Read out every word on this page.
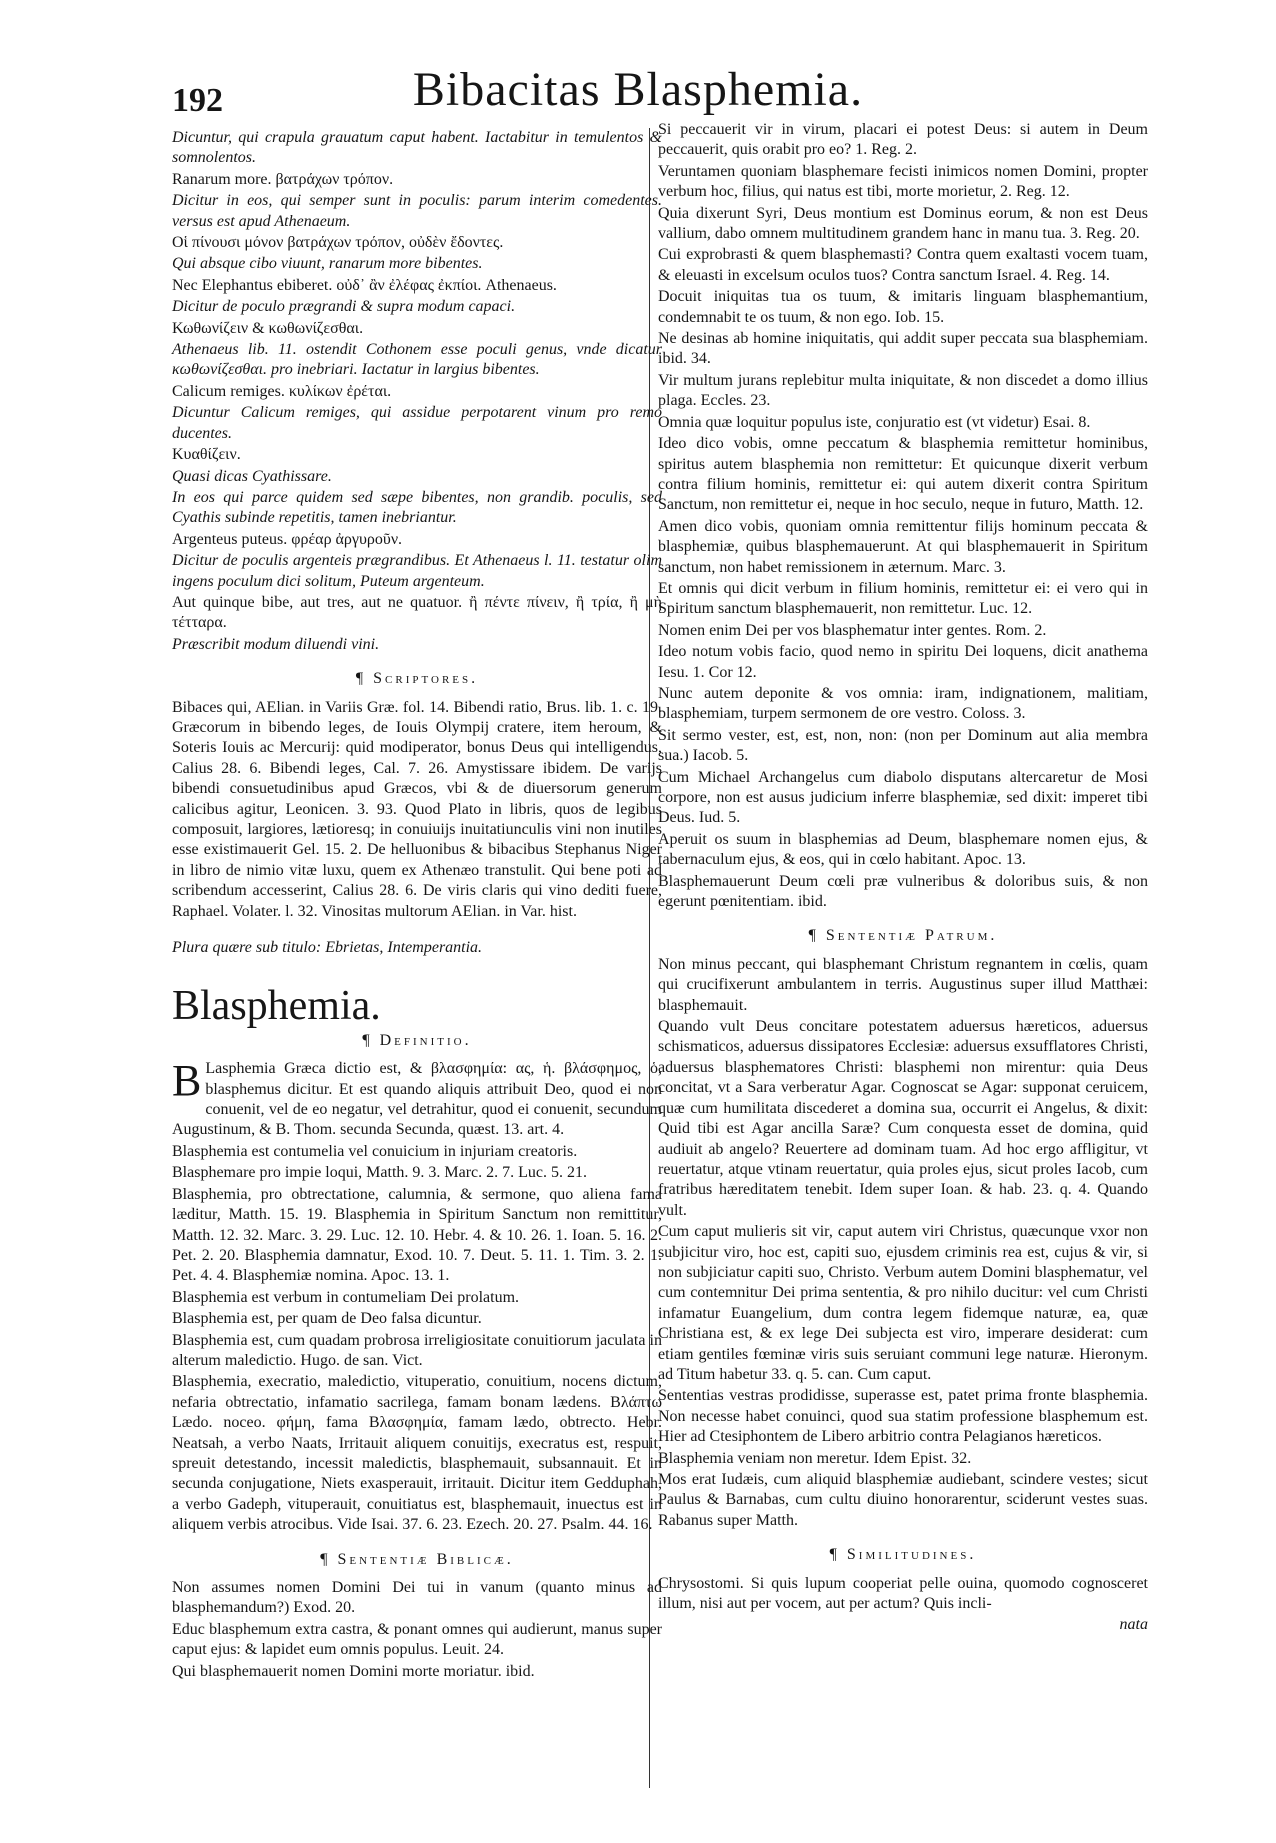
192	Bibacitas Blasphemia.

Dicuntur, qui crapula grauatum caput habent. Iactabitur in temulentos & somnolentos.

Ranarum more. βατράχων τρόπον.

Dicitur in eos, qui semper sunt in poculis: parum interim comedentes. versus est apud Athenaeum.

Οἱ πίνουσι μόνον βατράχων τρόπον, οὐδὲν ἔδοντες.

Qui absque cibo viuunt, ranarum more bibentes.

Nec Elephantus ebiberet. οὐδ᾽ ἂν ἐλέφας ἐκπίοι. Athenaeus.

Dicitur de poculo prægrandi & supra modum capaci.

Κωθωνίζειν & κωθωνίζεσθαι.

Athenaeus lib. 11. ostendit Cothonem esse poculi genus, vnde dicatur κωθωνίζεσθαι. pro inebriari. Iactatur in largius bibentes.

Calicum remiges. κυλίκων ἐρέται.

Dicuntur Calicum remiges, qui assidue perpotarent vinum pro remo ducentes.

Κυαθίζειν.

Quasi dicas Cyathissare.

In eos qui parce quidem sed sæpe bibentes, non grandib. poculis, sed Cyathis subinde repetitis, tamen inebriantur.

Argenteus puteus. φρέαρ ἀργυροῦν.

Dicitur de poculis argenteis prægrandibus. Et Athenaeus l. 11. testatur olim ingens poculum dici solitum, Puteum argenteum.

Aut quinque bibe, aut tres, aut ne quatuor. ἢ πέντε πίνειν, ἢ τρία, ἢ μὴ τέτταρα.

Præscribit modum diluendi vini.

¶ Scriptores.

Bibaces qui, AElian. in Variis Græ. fol. 14. Bibendi ratio, Brus. lib. 1. c. 19. Græcorum in bibendo leges, de Iouis Olympij cratere, item heroum, & Soteris Iouis ac Mercurij: quid modiperator, bonus Deus qui intelligendus, Calius 28. 6. Bibendi leges, Cal. 7. 26. Amystissare ibidem. De varijs bibendi consuetudinibus apud Græcos, vbi & de diuersorum generum calicibus agitur, Leonicen. 3. 93. Quod Plato in libris, quos de legibus composuit, largiores, lætioresq; in conuiuijs inuitatiunculis vini non inutiles esse existimauerit Gel. 15. 2. De helluonibus & bibacibus Stephanus Niger in libro de nimio vitæ luxu, quem ex Athenæo transtulit. Qui bene poti ad scribendum accesserint, Calius 28. 6. De viris claris qui vino dediti fuere, Raphael. Volater. l. 32. Vinositas multorum AElian. in Var. hist.

Plura quære sub titulo: Ebrietas, Intemperantia.

Blasphemia.
¶ Definitio.

B Lasphemia Græca dictio est, & βλασφημία: ας, ἡ. βλάσφημος, ὁ, blasphemus dicitur. Et est quando aliquis attribuit Deo, quod ei non conuenit, vel de eo negatur, vel detrahitur, quod ei conuenit, secundum Augustinum, & B. Thom. secunda Secunda, quæst. 13. art. 4.

Blasphemia est contumelia vel conuicium in injuriam creatoris.

Blasphemare pro impie loqui, Matth. 9. 3. Marc. 2. 7. Luc. 5. 21.

Blasphemia, pro obtrectatione, calumnia, & sermone, quo aliena fama læditur, Matth. 15. 19. Blasphemia in Spiritum Sanctum non remittitur, Matth. 12. 32. Marc. 3. 29. Luc. 12. 10. Hebr. 4. & 10. 26. 1. Ioan. 5. 16. 2. Pet. 2. 20. Blasphemia damnatur, Exod. 10. 7. Deut. 5. 11. 1. Tim. 3. 2. 1. Pet. 4. 4. Blasphemiæ nomina. Apoc. 13. 1.

Blasphemia est verbum in contumeliam Dei prolatum.

Blasphemia est, per quam de Deo falsa dicuntur.

Blasphemia est, cum quadam probrosa irreligiositate conuitiorum jaculata in alterum maledictio. Hugo. de san. Vict.

Blasphemia, execratio, maledictio, vituperatio, conuitium, nocens dictum, nefaria obtrectatio, infamatio sacrilega, famam bonam lædens. Βλάπτω Lædo. noceo. φήμη, fama Βλασφημία, famam lædo, obtrecto. Hebr. Neatsah, a verbo Naats, Irritauit aliquem conuitijs, execratus est, respuit, spreuit detestando, incessit maledictis, blasphemauit, subsannauit. Et in secunda conjugatione, Niets exasperauit, irritauit. Dicitur item Gedduphah, a verbo Gadeph, vituperauit, conuitiatus est, blasphemauit, inuectus est in aliquem verbis atrocibus. Vide Isai. 37. 6. 23. Ezech. 20. 27. Psalm. 44. 16.

¶ Sententiæ Biblicæ.

Non assumes nomen Domini Dei tui in vanum (quanto minus ad blasphemandum?) Exod. 20.

Educ blasphemum extra castra, & ponant omnes qui audierunt, manus super caput ejus: & lapidet eum omnis populus. Leuit. 24.

Qui blasphemauerit nomen Domini morte moriatur. ibid.

Si peccauerit vir in virum, placari ei potest Deus: si autem in Deum peccauerit, quis orabit pro eo? 1. Reg. 2.

Veruntamen quoniam blasphemare fecisti inimicos nomen Domini, propter verbum hoc, filius, qui natus est tibi, morte morietur, 2. Reg. 12.

Quia dixerunt Syri, Deus montium est Dominus eorum, & non est Deus vallium, dabo omnem multitudinem grandem hanc in manu tua. 3. Reg. 20.

Cui exprobrasti & quem blasphemasti? Contra quem exaltasti vocem tuam, & eleuasti in excelsum oculos tuos? Contra sanctum Israel. 4. Reg. 14.

Docuit iniquitas tua os tuum, & imitaris linguam blasphemantium, condemnabit te os tuum, & non ego. Iob. 15.

Ne desinas ab homine iniquitatis, qui addit super peccata sua blasphemiam. ibid. 34.

Vir multum jurans replebitur multa iniquitate, & non discedet a domo illius plaga. Eccles. 23.

Omnia quæ loquitur populus iste, conjuratio est (vt videtur) Esai. 8.

Ideo dico vobis, omne peccatum & blasphemia remittetur hominibus, spiritus autem blasphemia non remittetur: Et quicunque dixerit verbum contra filium hominis, remittetur ei: qui autem dixerit contra Spiritum Sanctum, non remittetur ei, neque in hoc seculo, neque in futuro, Matth. 12.

Amen dico vobis, quoniam omnia remittentur filijs hominum peccata & blasphemiæ, quibus blasphemauerunt. At qui blasphemauerit in Spiritum sanctum, non habet remissionem in æternum. Marc. 3.

Et omnis qui dicit verbum in filium hominis, remittetur ei: ei vero qui in Spiritum sanctum blasphemauerit, non remittetur. Luc. 12.

Nomen enim Dei per vos blasphematur inter gentes. Rom. 2.

Ideo notum vobis facio, quod nemo in spiritu Dei loquens, dicit anathema Iesu. 1. Cor 12.

Nunc autem deponite & vos omnia: iram, indignationem, malitiam, blasphemiam, turpem sermonem de ore vestro. Coloss. 3.

Sit sermo vester, est, est, non, non: (non per Dominum aut alia membra sua.) Iacob. 5.

Cum Michael Archangelus cum diabolo disputans altercaretur de Mosi corpore, non est ausus judicium inferre blasphemiæ, sed dixit: imperet tibi Deus. Iud. 5.

Aperuit os suum in blasphemias ad Deum, blasphemare nomen ejus, & tabernaculum ejus, & eos, qui in cœlo habitant. Apoc. 13.

Blasphemauerunt Deum cœli præ vulneribus & doloribus suis, & non egerunt pœnitentiam. ibid.

¶ Sententiæ Patrum.

Non minus peccant, qui blasphemant Christum regnantem in cœlis, quam qui crucifixerunt ambulantem in terris. Augustinus super illud Matthæi: blasphemauit.

Quando vult Deus concitare potestatem aduersus hæreticos, aduersus schismaticos, aduersus dissipatores Ecclesiæ: aduersus exsufflatores Christi, aduersus blasphematores Christi: blasphemi non mirentur: quia Deus concitat, vt a Sara verberatur Agar. Cognoscat se Agar: supponat ceruicem, quæ cum humilitata discederet a domina sua, occurrit ei Angelus, & dixit: Quid tibi est Agar ancilla Saræ? Cum conquesta esset de domina, quid audiuit ab angelo? Reuertere ad dominam tuam. Ad hoc ergo affligitur, vt reuertatur, atque vtinam reuertatur, quia proles ejus, sicut proles Iacob, cum fratribus hæreditatem tenebit. Idem super Ioan. & hab. 23. q. 4. Quando vult.

Cum caput mulieris sit vir, caput autem viri Christus, quæcunque vxor non subjicitur viro, hoc est, capiti suo, ejusdem criminis rea est, cujus & vir, si non subjiciatur capiti suo, Christo. Verbum autem Domini blasphematur, vel cum contemnitur Dei prima sententia, & pro nihilo ducitur: vel cum Christi infamatur Euangelium, dum contra legem fidemque naturæ, ea, quæ Christiana est, & ex lege Dei subjecta est viro, imperare desiderat: cum etiam gentiles fœminæ viris suis seruiant communi lege naturæ. Hieronym. ad Titum habetur 33. q. 5. can. Cum caput.

Sententias vestras prodidisse, superasse est, patet prima fronte blasphemia. Non necesse habet conuinci, quod sua statim professione blasphemum est. Hier ad Ctesiphontem de Libero arbitrio contra Pelagianos hæreticos.

Blasphemia veniam non meretur. Idem Epist. 32.

Mos erat Iudæis, cum aliquid blasphemiæ audiebant, scindere vestes; sicut Paulus & Barnabas, cum cultu diuino honorarentur, sciderunt vestes suas. Rabanus super Matth.

¶ Similitudines.

Chrysostomi. Si quis lupum cooperiat pelle ouina, quomodo cognosceret illum, nisi aut per vocem, aut per actum? Quis incli-

nata
